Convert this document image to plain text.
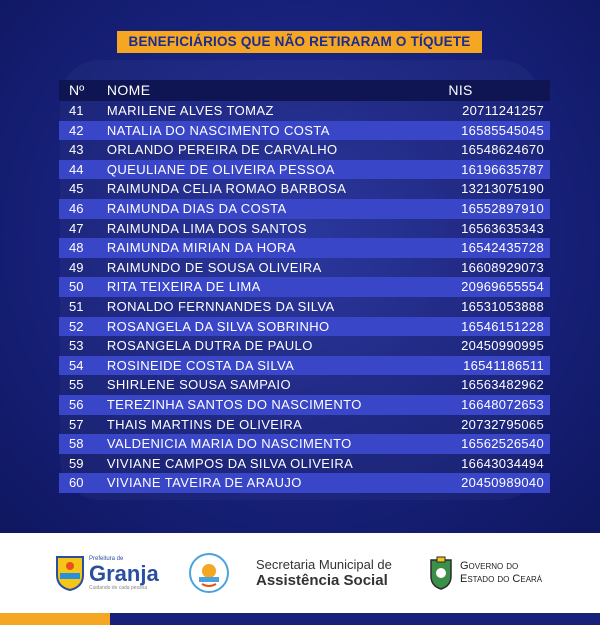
BENEFICIÁRIOS QUE NÃO RETIRARAM O TÍQUETE
Nº	NOME	NIS
41	MARILENE ALVES TOMAZ	20711241257
42	NATALIA DO NASCIMENTO COSTA	16585545045
43	ORLANDO PEREIRA DE CARVALHO	16548624670
44	QUEULIANE DE OLIVEIRA PESSOA	16196635787
45	RAIMUNDA CELIA ROMAO BARBOSA	13213075190
46	RAIMUNDA DIAS DA COSTA	16552897910
47	RAIMUNDA LIMA DOS SANTOS	16563635343
48	RAIMUNDA MIRIAN DA HORA	16542435728
49	RAIMUNDO DE SOUSA OLIVEIRA	16608929073
50	RITA TEIXEIRA DE LIMA	20969655554
51	RONALDO FERNNANDES DA SILVA	16531053888
52	ROSANGELA DA SILVA SOBRINHO	16546151228
53	ROSANGELA DUTRA DE PAULO	20450990995
54	ROSINEIDE COSTA DA SILVA	16541186511
55	SHIRLENE SOUSA SAMPAIO	16563482962
56	TEREZINHA SANTOS DO NASCIMENTO	16648072653
57	THAIS MARTINS DE OLIVEIRA	20732795065
58	VALDENICIA MARIA DO NASCIMENTO	16562526540
59	VIVIANE CAMPOS DA SILVA OLIVEIRA	16643034494
60	VIVIANE TAVEIRA DE ARAUJO	20450989040
Prefeitura de
Granja
Cuidando de cada pessoa
Secretaria Municipal de
Assistência Social
Governo do
Estado do Ceará
